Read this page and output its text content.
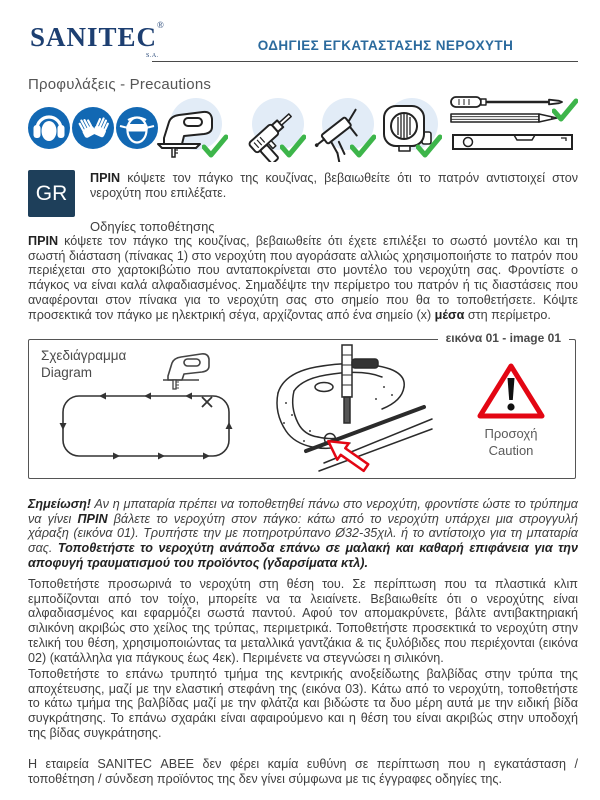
SANITEC®
S.A.
ΟΔΗΓΙΕΣ ΕΓΚΑΤΑΣΤΑΣΗΣ ΝΕΡΟΧΥΤΗ
Προφυλάξεις - Precautions
GR

ΠΡΙΝ κόψετε τον πάγκο της κουζίνας, βεβαιωθείτε ότι το πατρόν αντιστοιχεί στον νεροχύτη που επιλέξατε.

Οδηγίες τοποθέτησης

ΠΡΙΝ κόψετε τον πάγκο της κουζίνας, βεβαιωθείτε ότι έχετε επιλέξει το σωστό μοντέλο και τη σωστή διάσταση (πίνακας 1) στο νεροχύτη που αγοράσατε αλλιώς χρησιμοποιήστε το πατρόν που περιέχεται στο χαρτοκιβώτιο που ανταποκρίνεται στο μοντέλο του νεροχύτη σας. Φροντίστε ο πάγκος να είναι καλά αλφαδιασμένος. Σημαδέψτε την περίμετρο του πατρόν ή τις διαστάσεις που αναφέρονται στον πίνακα για το νεροχύτη σας στο σημείο που θα το τοποθετήσετε. Κόψτε προσεκτικά τον πάγκο με ηλεκτρική σέγα, αρχίζοντας από ένα σημείο (x) μέσα στη περίμετρο.

εικόνα 01 - image 01
Σχεδιάγραμμα
Diagram
Προσοχή
Caution

Σημείωση! Αν η μπαταρία πρέπει να τοποθετηθεί πάνω στο νεροχύτη, φροντίστε ώστε το τρύπημα να γίνει ΠΡΙΝ βάλετε το νεροχύτη στον πάγκο: κάτω από το νεροχύτη υπάρχει μια στρογγυλή χάραξη (εικόνα 01). Τρυπήστε την με ποτηροτρύπανο Ø32-35χιλ. ή το αντίστοιχο για τη μπαταρία σας. Τοποθετήστε το νεροχύτη ανάποδα επάνω σε μαλακή και καθαρή επιφάνεια για την αποφυγή τραυματισμού του προϊόντος (γδαρσίματα κτλ).

Τοποθετήστε προσωρινά το νεροχύτη στη θέση του. Σε περίπτωση που τα πλαστικά κλιπ εμποδίζονται από τον τοίχο, μπορείτε να τα λειαίνετε. Βεβαιωθείτε ότι ο νεροχύτης είναι αλφαδιασμένος και εφαρμόζει σωστά παντού. Αφού τον απομακρύνετε, βάλτε αντιβακτηριακή σιλικόνη ακριβώς στο χείλος της τρύπας, περιμετρικά. Τοποθετήστε προσεκτικά το νεροχύτη στην τελική του θέση, χρησιμοποιώντας τα μεταλλικά γαντζάκια & τις ξυλόβιδες που περιέχονται (εικόνα 02) (κατάλληλα για πάγκους έως 4εκ). Περιμένετε να στεγνώσει η σιλικόνη.

Τοποθετήστε το επάνω τρυπητό τμήμα της κεντρικής ανοξείδωτης βαλβίδας στην τρύπα της αποχέτευσης, μαζί με την ελαστική στεφάνη της (εικόνα 03). Κάτω από το νεροχύτη, τοποθετήστε το κάτω τμήμα της βαλβίδας μαζί με την φλάτζα και βιδώστε τα δυο μέρη αυτά με την ειδική βίδα συγκράτησης. Το επάνω σχαράκι είναι αφαιρούμενο και η θέση του είναι ακριβώς στην υποδοχή της βίδας συγκράτησης.

Η εταιρεία SANITEC ΑΒΕΕ δεν φέρει καμία ευθύνη σε περίπτωση που η εγκατάσταση / τοποθέτηση / σύνδεση προϊόντος της δεν γίνει σύμφωνα με τις έγγραφες οδηγίες της.
